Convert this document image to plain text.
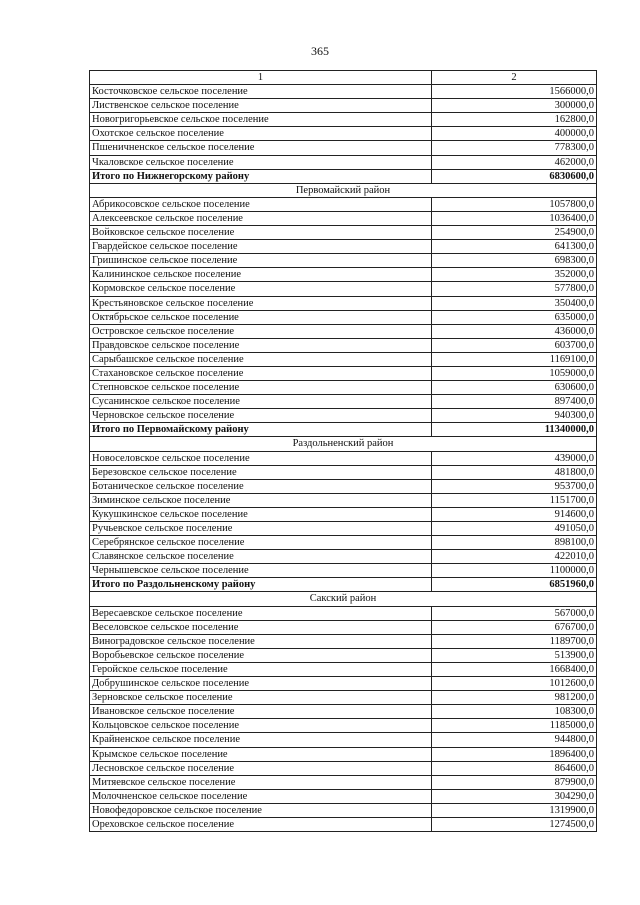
365
1	2
Косточковское сельское поселение	1566000,0
Лиственское сельское поселение	300000,0
Новогригорьевское сельское поселение	162800,0
Охотское сельское поселение	400000,0
Пшеничненское сельское поселение	778300,0
Чкаловское сельское поселение	462000,0
Итого по Нижнегорскому району	6830600,0
Первомайский район	
Абрикосовское сельское поселение	1057800,0
Алексеевское сельское поселение	1036400,0
Войковское сельское поселение	254900,0
Гвардейское сельское поселение	641300,0
Гришинское сельское поселение	698300,0
Калининское сельское поселение	352000,0
Кормовское сельское поселение	577800,0
Крестьяновское сельское поселение	350400,0
Октябрьское сельское поселение	635000,0
Островское сельское поселение	436000,0
Правдовское сельское поселение	603700,0
Сарыбашское сельское поселение	1169100,0
Стахановское сельское поселение	1059000,0
Степновское сельское поселение	630600,0
Сусанинское сельское поселение	897400,0
Черновское сельское поселение	940300,0
Итого по Первомайскому району	11340000,0
Раздольненский район	
Новоселовское сельское поселение	439000,0
Березовское сельское поселение	481800,0
Ботаническое сельское поселение	953700,0
Зиминское сельское поселение	1151700,0
Кукушкинское сельское поселение	914600,0
Ручьевское сельское поселение	491050,0
Серебрянское сельское поселение	898100,0
Славянское сельское поселение	422010,0
Чернышевское сельское поселение	1100000,0
Итого по Раздольненскому району	6851960,0
Сакский район	
Вересаевское сельское поселение	567000,0
Веселовское сельское поселение	676700,0
Виноградовское сельское поселение	1189700,0
Воробьевское сельское поселение	513900,0
Геройское сельское поселение	1668400,0
Добрушинское сельское поселение	1012600,0
Зерновское сельское поселение	981200,0
Ивановское сельское поселение	108300,0
Кольцовское сельское поселение	1185000,0
Крайненское сельское поселение	944800,0
Крымское сельское поселение	1896400,0
Лесновское сельское поселение	864600,0
Митяевское сельское поселение	879900,0
Молочненское сельское поселение	304290,0
Новофедоровское сельское поселение	1319900,0
Ореховское сельское поселение	1274500,0
